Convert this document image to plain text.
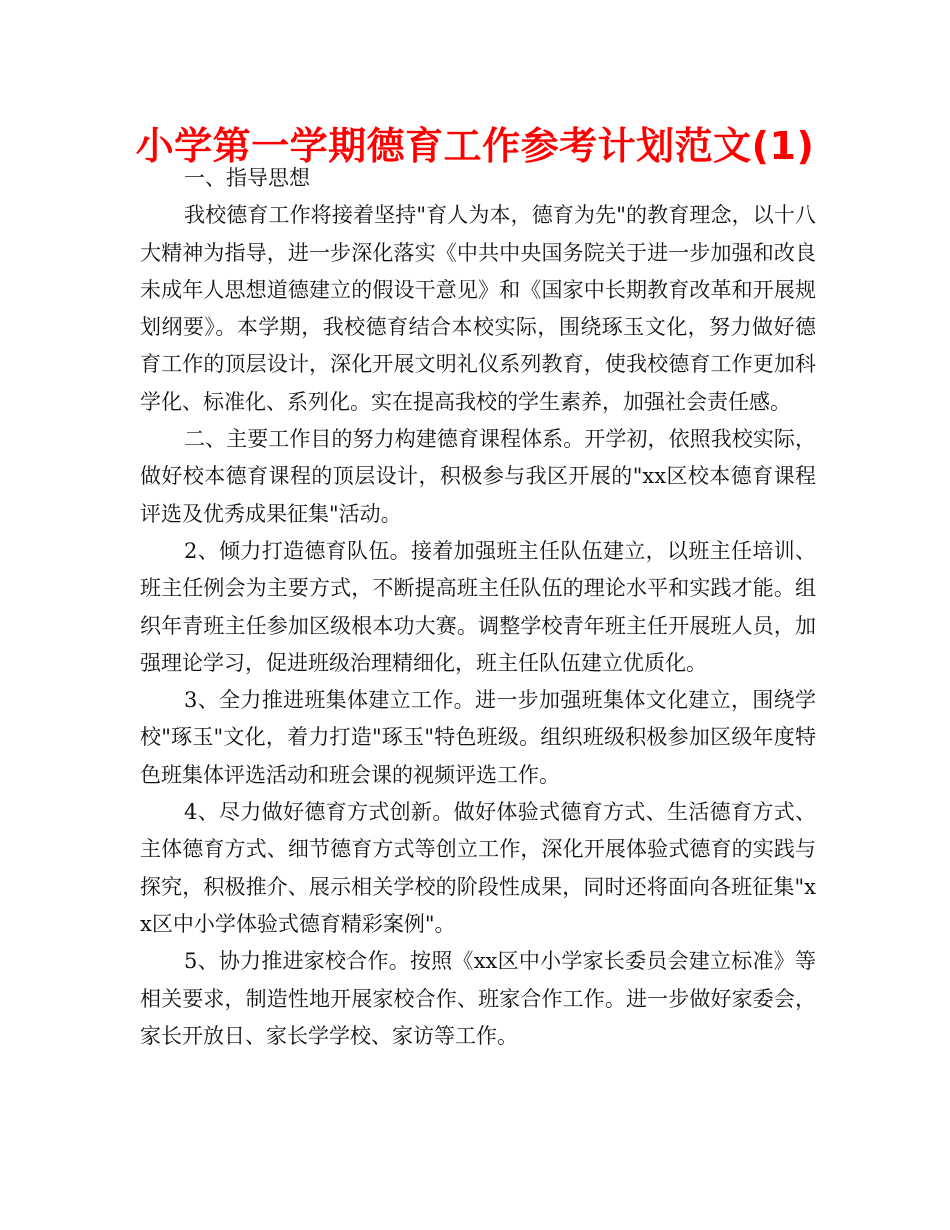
小学第一学期德育工作参考计划范文(1)

一、指导思想

我校德育工作将接着坚持"育人为本，德育为先"的教育理念，以十八大精神为指导，进一步深化落实《中共中央国务院关于进一步加强和改良未成年人思想道德建立的假设干意见》和《国家中长期教育改革和开展规划纲要》。本学期，我校德育结合本校实际，围绕琢玉文化，努力做好德育工作的顶层设计，深化开展文明礼仪系列教育，使我校德育工作更加科学化、标准化、系列化。实在提高我校的学生素养，加强社会责任感。

二、主要工作目的努力构建德育课程体系。开学初，依照我校实际，做好校本德育课程的顶层设计，积极参与我区开展的"xx区校本德育课程评选及优秀成果征集"活动。

2、倾力打造德育队伍。接着加强班主任队伍建立，以班主任培训、班主任例会为主要方式，不断提高班主任队伍的理论水平和实践才能。组织年青班主任参加区级根本功大赛。调整学校青年班主任开展班人员，加强理论学习，促进班级治理精细化，班主任队伍建立优质化。

3、全力推进班集体建立工作。进一步加强班集体文化建立，围绕学校"琢玉"文化，着力打造"琢玉"特色班级。组织班级积极参加区级年度特色班集体评选活动和班会课的视频评选工作。

4、尽力做好德育方式创新。做好体验式德育方式、生活德育方式、主体德育方式、细节德育方式等创立工作，深化开展体验式德育的实践与探究，积极推介、展示相关学校的阶段性成果，同时还将面向各班征集"xx区中小学体验式德育精彩案例"。

5、协力推进家校合作。按照《xx区中小学家长委员会建立标准》等相关要求，制造性地开展家校合作、班家合作工作。进一步做好家委会，家长开放日、家长学学校、家访等工作。
